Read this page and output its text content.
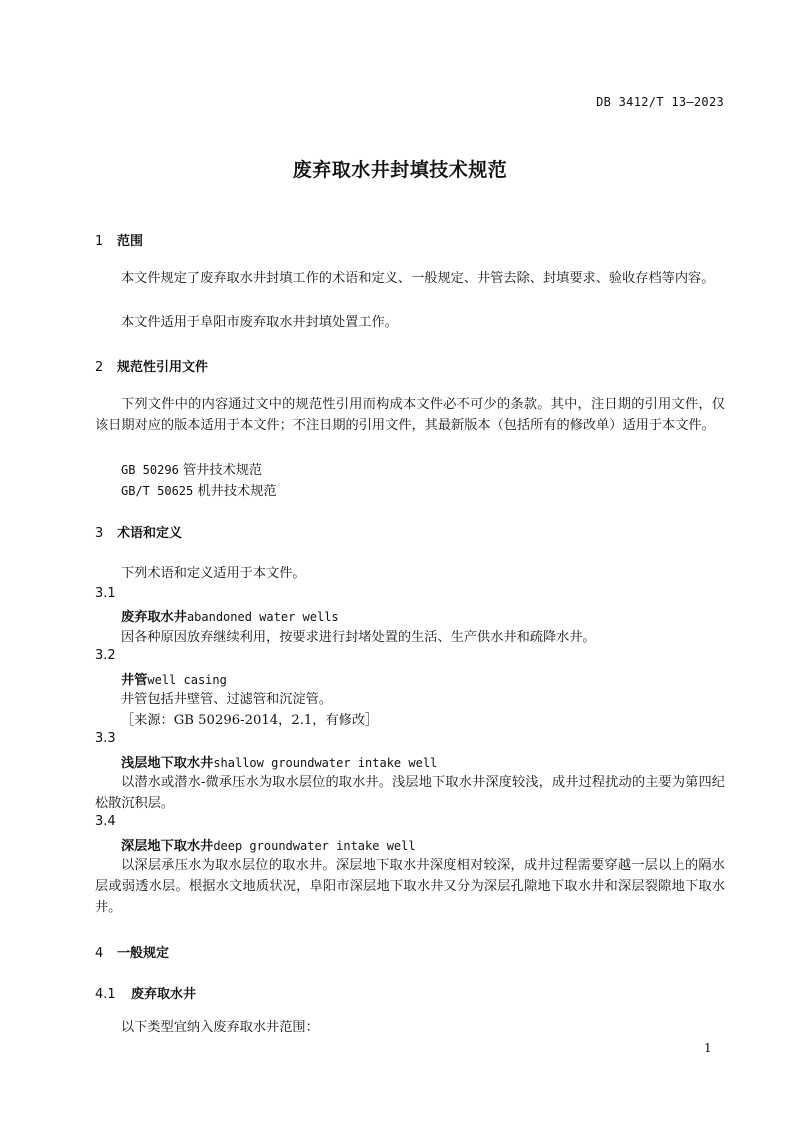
DB 3412/T 13—2023
废弃取水井封填技术规范
1 范围
本文件规定了废弃取水井封填工作的术语和定义、一般规定、井管去除、封填要求、验收存档等内容。
本文件适用于阜阳市废弃取水井封填处置工作。
2 规范性引用文件
下列文件中的内容通过文中的规范性引用而构成本文件必不可少的条款。其中，注日期的引用文件，仅该日期对应的版本适用于本文件；不注日期的引用文件，其最新版本（包括所有的修改单）适用于本文件。
GB 50296 管井技术规范
GB/T 50625 机井技术规范
3 术语和定义
下列术语和定义适用于本文件。
3.1
废弃取水井abandoned water wells
因各种原因放弃继续利用，按要求进行封堵处置的生活、生产供水井和疏降水井。
3.2
井管well casing
井管包括井壁管、过滤管和沉淀管。
［来源：GB 50296-2014，2.1，有修改］
3.3
浅层地下取水井shallow groundwater intake well
以潜水或潜水-微承压水为取水层位的取水井。浅层地下取水井深度较浅，成井过程扰动的主要为第四纪松散沉积层。
3.4
深层地下取水井deep groundwater intake well
以深层承压水为取水层位的取水井。深层地下取水井深度相对较深，成井过程需要穿越一层以上的隔水层或弱透水层。根据水文地质状况，阜阳市深层地下取水井又分为深层孔隙地下取水井和深层裂隙地下取水井。
4 一般规定
4.1 废弃取水井
以下类型宜纳入废弃取水井范围：
1
